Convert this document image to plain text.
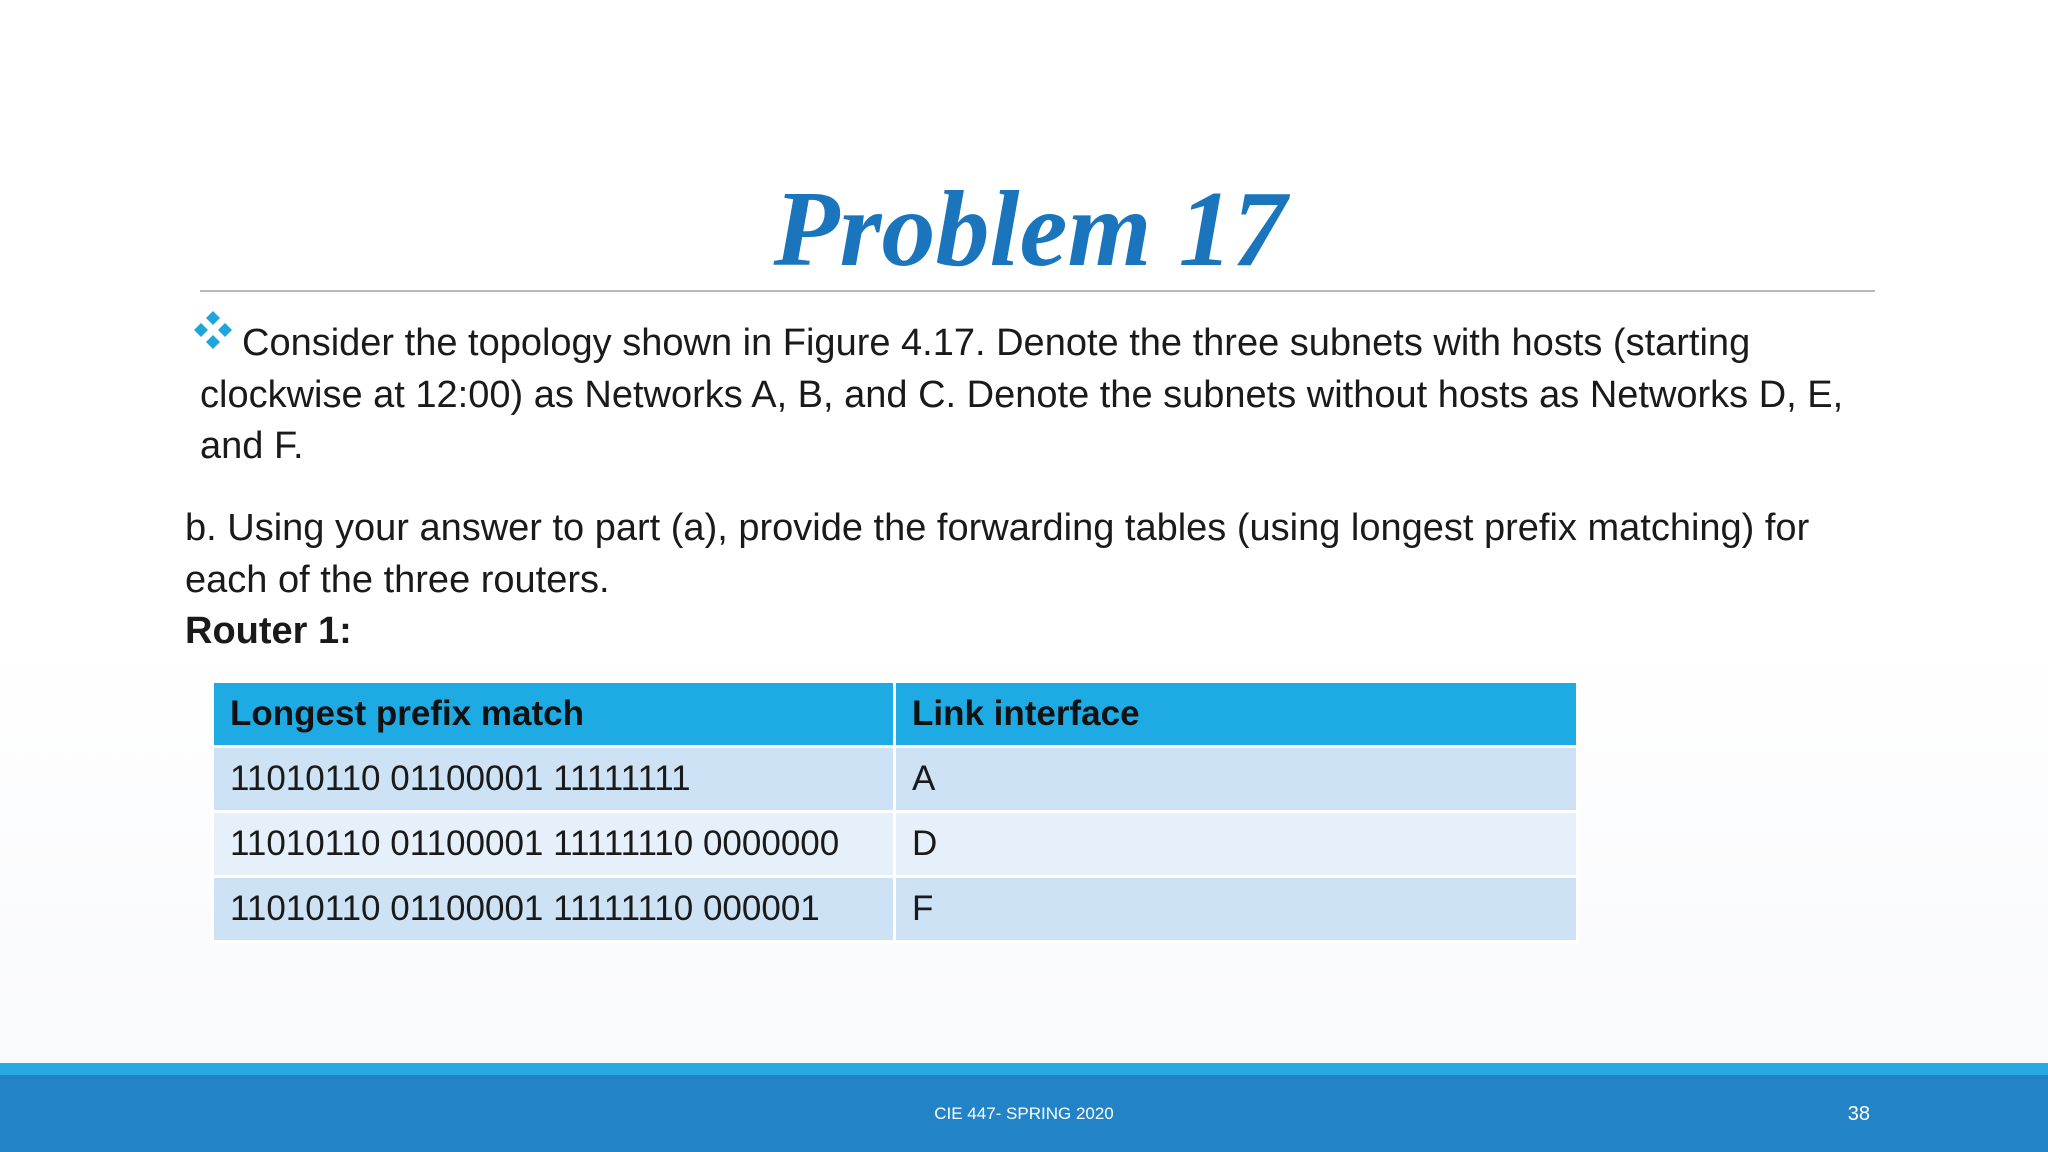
Problem 17

Consider the topology shown in Figure 4.17. Denote the three subnets with hosts (starting clockwise at 12:00) as Networks A, B, and C. Denote the subnets without hosts as Networks D, E, and F.

b. Using your answer to part (a), provide the forwarding tables (using longest prefix matching) for each of the three routers.

Router 1:

Longest prefix match	Link interface
11010110 01100001 11111111	A
11010110 01100001 11111110 0000000	D
11010110 01100001 11111110 000001	F
CIE 447- SPRING 2020	38
